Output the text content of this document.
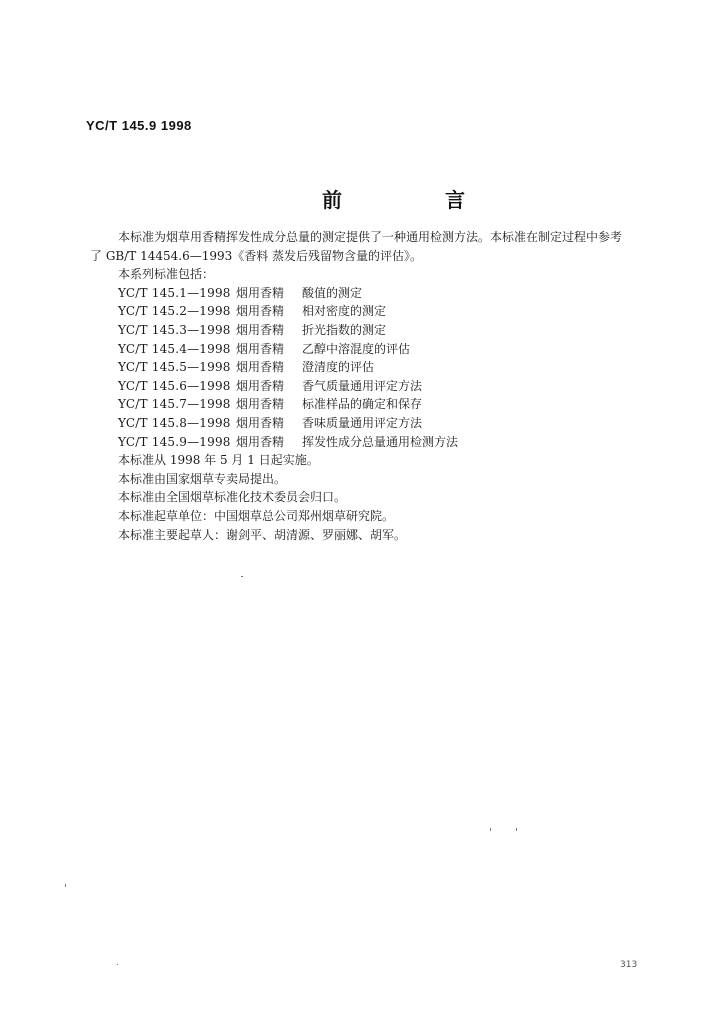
YC/T 145.9 1998
前 言

本标准为烟草用香精挥发性成分总量的测定提供了一种通用检测方法。本标准在制定过程中参考

了 GB/T 14454.6—1993《香料 蒸发后残留物含量的评估》。

本系列标准包括：

YC/T 145.1—1998 烟用香精	酸值的测定
YC/T 145.2—1998 烟用香精	相对密度的测定
YC/T 145.3—1998 烟用香精	折光指数的测定
YC/T 145.4—1998 烟用香精	乙醇中溶混度的评估
YC/T 145.5—1998 烟用香精	澄清度的评估
YC/T 145.6—1998 烟用香精	香气质量通用评定方法
YC/T 145.7—1998 烟用香精	标准样品的确定和保存
YC/T 145.8—1998 烟用香精	香味质量通用评定方法
YC/T 145.9—1998 烟用香精	挥发性成分总量通用检测方法

本标准从 1998 年 5 月 1 日起实施。

本标准由国家烟草专卖局提出。

本标准由全国烟草标准化技术委员会归口。

本标准起草单位：中国烟草总公司郑州烟草研究院。

本标准主要起草人：谢剑平、胡清源、罗丽娜、胡军。

313
